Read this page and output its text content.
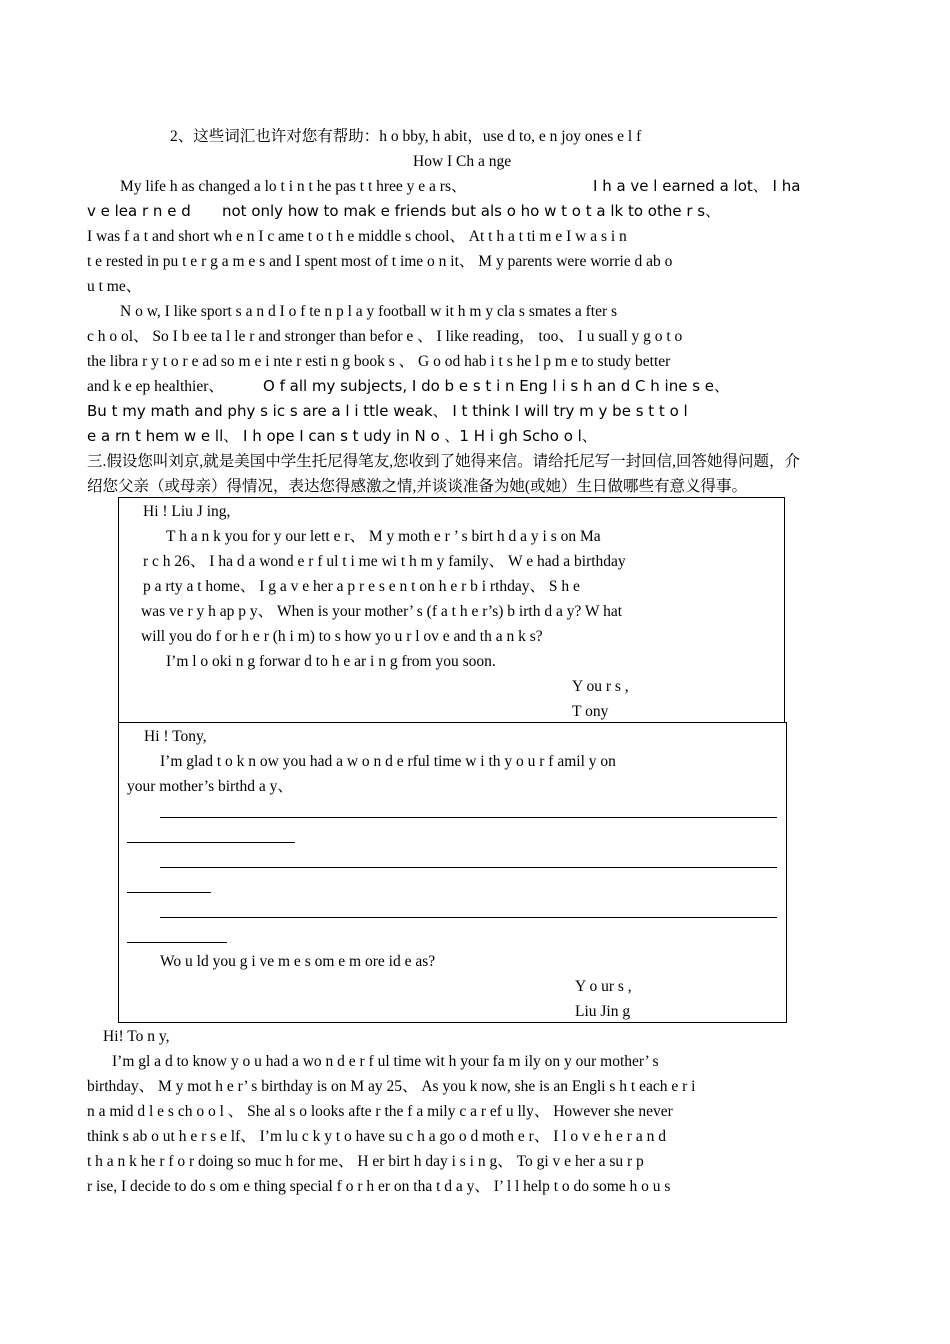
2、这些词汇也许对您有帮助：h o bby, h abit，use d to, e n joy ones e l f
How I Ch a nge
My life h as changed a lo t i n t he pas t t hree y e a rs、	I h a ve l earned a lot、 I ha
v e lea r n e d not only how to mak e friends but als o ho w t o t a lk to othe r s、
I was f a t and short wh e n I c ame t o t h e middle s chool、 At t h a t ti m e I w a s i n
t e rested in pu t e r g a m e s and I spent most of t ime o n it、 M y parents were worrie d ab o
u t me、
N o w, I like sport s a n d I o f te n p l a y football w it h m y cla s smates a fter s
c h o ol、 So I b ee ta l le r and stronger than befor e 、 I like reading， too、 I u suall y g o t o
the libra r y t o r e ad so m e i nte r esti n g book s 、 G o od hab i t s he l p m e to study better
and k e ep healthier、	O f all my subjects, I do b e s t i n Eng l i s h an d C h ine s e、
Bu t my math and phy s ic s are a l i ttle weak、 I t think I will try m y be s t t o l
e a rn t hem w e ll、 I h ope I can s t udy in N o 、1 H i gh Scho o l、
三.假设您叫刘京,就是美国中学生托尼得笔友,您收到了她得来信。请给托尼写一封回信,回答她得问题，介
绍您父亲（或母亲）得情况，表达您得感激之情,并谈谈准备为她(或她）生日做哪些有意义得事。
Hi ! Liu J ing,
T h a n k you for y our lett e r、 M y moth e r ’ s birt h d a y i s on Ma
r c h 26、 I ha d a wond e r f ul t i me wi t h m y family、 W e had a birthday
p a rty a t home、 I g a v e her a p r e s e n t on h e r b i rthday、 S h e
was ve r y h ap p y、 When is your mother’ s (f a t h e r’s) b irth d a y? W hat
will you do f or h e r (h i m) to s how yo u r l ov e and th a n k s?
I’m l o oki n g forwar d to h e ar i n g from you soon.
Y ou r s ,
T ony
Hi ! Tony,
I’m glad t o k n ow you had a w o n d e rful time w i th y o u r f amil y on
your mother’s birthd a y、
Wo u ld you g i ve m e s om e m ore id e as?
Y o ur s ,
Liu Jin g
Hi! To n y,
I’m gl a d to know y o u had a wo n d e r f ul time wit h your fa m ily on y our mother’ s
birthday、 M y mot h e r’ s birthday is on M ay 25、 As you k now, she is an Engli s h t each e r i
n a mid d l e s ch o o l 、 She al s o looks afte r the f a mily c a r ef u lly、 However she never
think s ab o ut h e r s e lf、 I’m lu c k y t o have su c h a go o d moth e r、 I l o v e h e r a n d
t h a n k he r f o r doing so muc h for me、 H er birt h day i s i n g、 To gi v e her a su r p
r ise, I decide to do s om e thing special f o r h er on tha t d a y、 I’ l l help t o do some h o u s
